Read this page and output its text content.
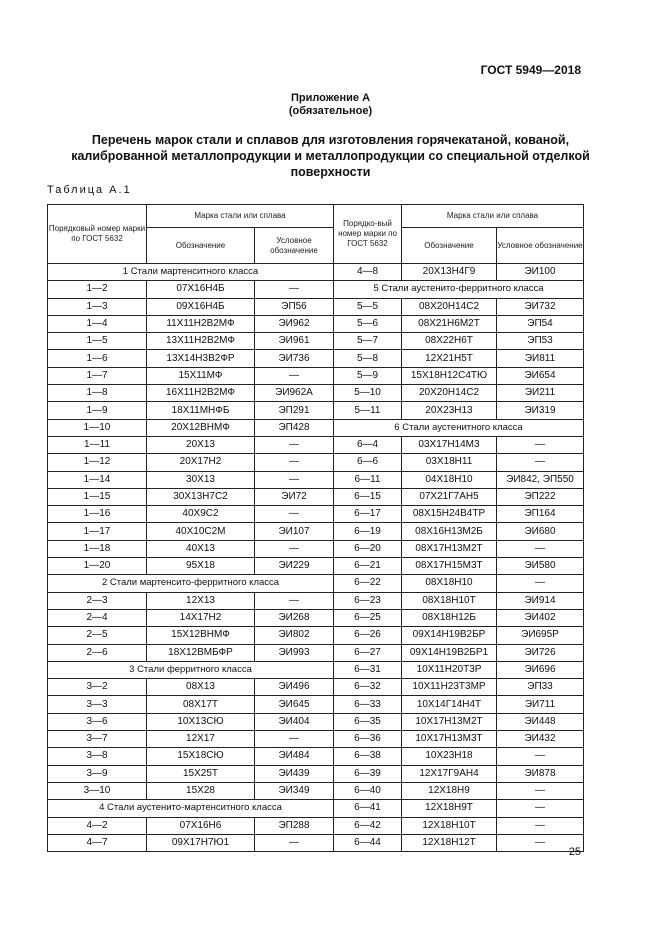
ГОСТ 5949—2018
Приложение А
(обязательное)
Перечень марок стали и сплавов для изготовления горячекатаной, кованой, калиброванной металлопродукции и металлопродукции со специальной отделкой поверхности
Таблица А.1
Порядковый номер марки по ГОСТ 5632	Марка стали или сплава		Порядко-вый номер марки по ГОСТ 5632	Марка стали или сплава	
	Обозначение	Условное обозначение		Обозначение	Условное обозначение
1 Стали мартенситного класса			4—8	20Х13Н4Г9	ЭИ100
1—2	07Х16Н4Б	—	5 Стали аустенито-ферритного класса		
1—3	09Х16Н4Б	ЭП56	5—5	08Х20Н14С2	ЭИ732
1—4	11Х11Н2В2МФ	ЭИ962	5—6	08Х21Н6М2Т	ЭП54
1—5	13Х11Н2В2МФ	ЭИ961	5—7	08Х22Н6Т	ЭП53
1—6	13Х14Н3В2ФР	ЭИ736	5—8	12Х21Н5Т	ЭИ811
1—7	15Х11МФ	—	5—9	15Х18Н12С4ТЮ	ЭИ654
1—8	16Х11Н2В2МФ	ЭИ962А	5—10	20Х20Н14С2	ЭИ211
1—9	18Х11МНФБ	ЭП291	5—11	20Х23Н13	ЭИ319
1—10	20Х12ВНМФ	ЭП428	6 Стали аустенитного класса		
1—11	20Х13	—	6—4	03Х17Н14М3	—
1—12	20Х17Н2	—	6—6	03Х18Н11	—
1—14	30Х13	—	6—11	04Х18Н10	ЭИ842, ЭП550
1—15	30Х13Н7С2	ЭИ72	6—15	07Х21Г7АН5	ЭП222
1—16	40Х9С2	—	6—17	08Х15Н24В4ТР	ЭП164
1—17	40Х10С2М	ЭИ107	6—19	08Х16Н13М2Б	ЭИ680
1—18	40Х13	—	6—20	08Х17Н13М2Т	—
1—20	95Х18	ЭИ229	6—21	08Х17Н15М3Т	ЭИ580
2 Стали мартенсито-ферритного класса			6—22	08Х18Н10	—
2—3	12Х13	—	6—23	08Х18Н10Т	ЭИ914
2—4	14Х17Н2	ЭИ268	6—25	08Х18Н12Б	ЭИ402
2—5	15Х12ВНМФ	ЭИ802	6—26	09Х14Н19В2БР	ЭИ695Р
2—6	18Х12ВМБФР	ЭИ993	6—27	09Х14Н19В2БР1	ЭИ726
3 Стали ферритного класса			6—31	10Х11Н20Т3Р	ЭИ696
3—2	08Х13	ЭИ496	6—32	10Х11Н23Т3МР	ЭП33
3—3	08Х17Т	ЭИ645	6—33	10Х14Г14Н4Т	ЭИ711
3—6	10Х13СЮ	ЭИ404	6—35	10Х17Н13М2Т	ЭИ448
3—7	12Х17	—	6—36	10Х17Н13М3Т	ЭИ432
3—8	15Х18СЮ	ЭИ484	6—38	10Х23Н18	—
3—9	15Х25Т	ЭИ439	6—39	12Х17Г9АН4	ЭИ878
3—10	15Х28	ЭИ349	6—40	12Х18Н9	—
4 Стали аустенито-мартенситного класса			6—41	12Х18Н9Т	—
4—2	07Х16Н6	ЭП288	6—42	12Х18Н10Т	—
4—7	09Х17Н7Ю1	—	6—44	12Х18Н12Т	—
25
